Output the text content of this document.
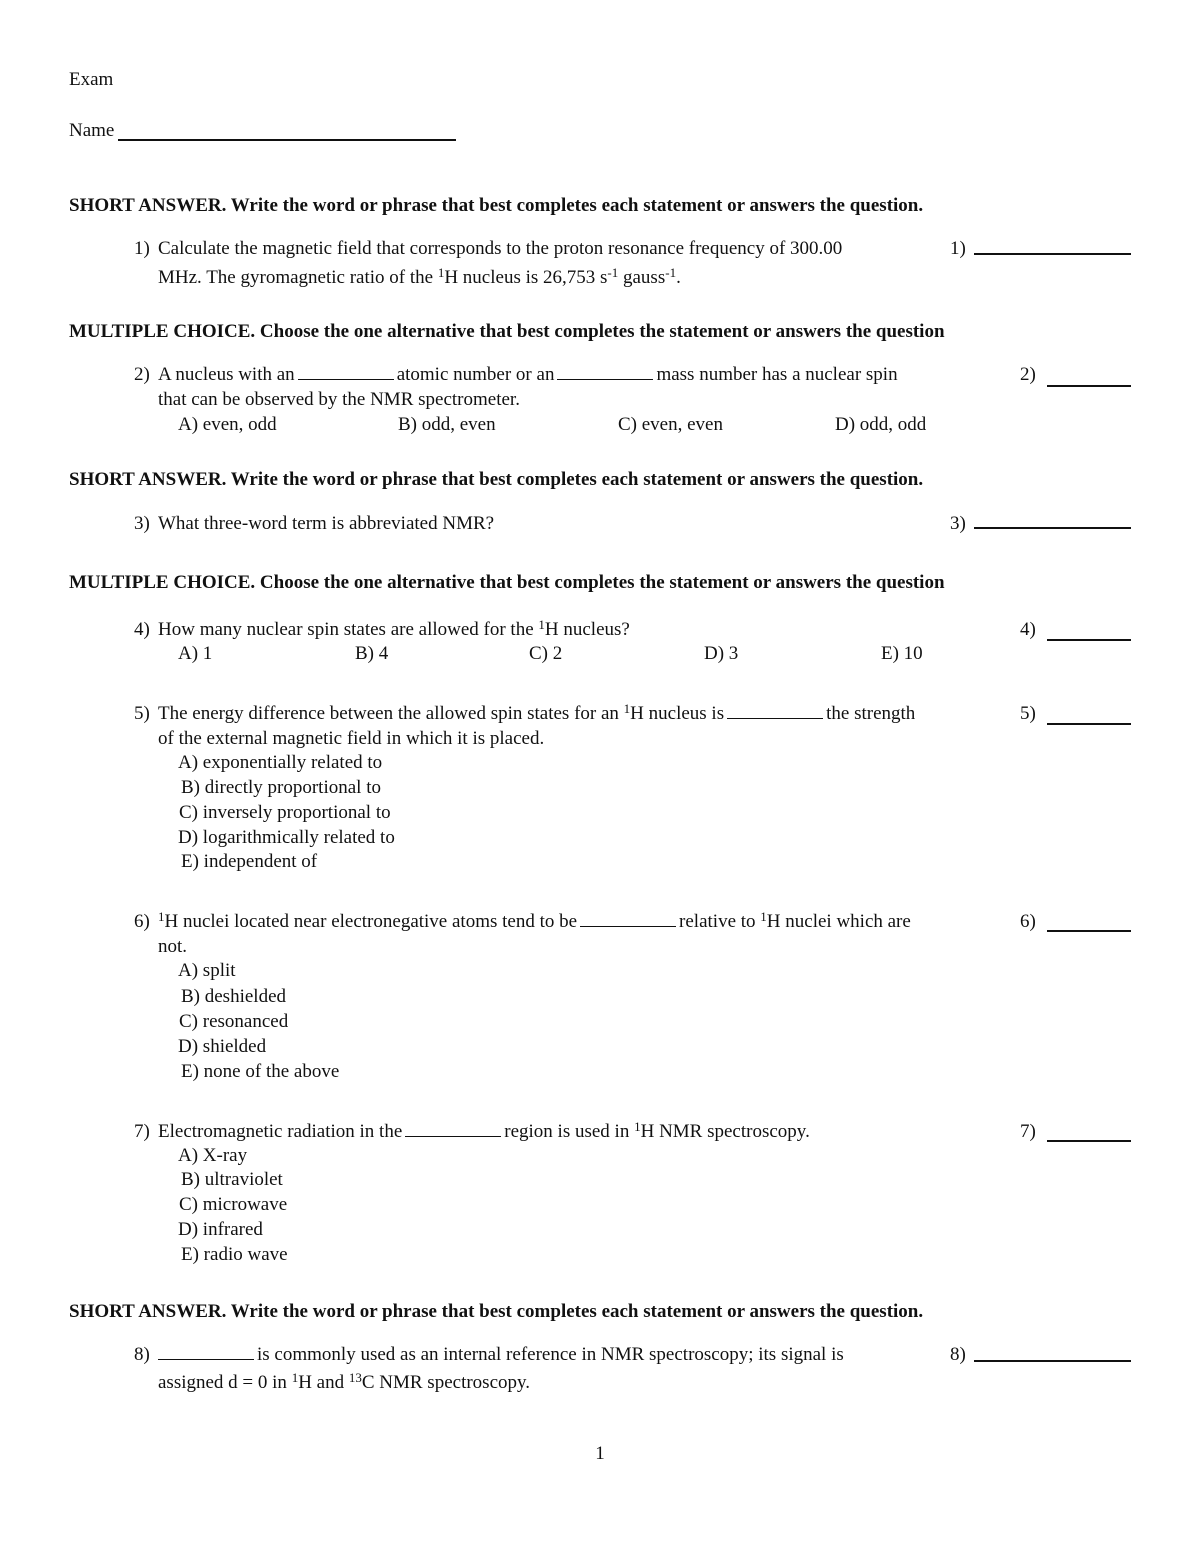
Exam
Name
SHORT ANSWER. Write the word or phrase that best completes each statement or answers the question.
1) Calculate the magnetic field that corresponds to the proton resonance frequency of 300.00
MHz. The gyromagnetic ratio of the $^1$H nucleus is 26,753 $s^{-1}$ gauss$^{-1}$.
1)
MULTIPLE CHOICE. Choose the one alternative that best completes the statement or answers the question
2) A nucleus with an	atomic number or an	mass number has a nuclear spin
that can be observed by the NMR spectrometer.
A) even, odd	B) odd, even	C) even, even	D) odd, odd
2)
SHORT ANSWER. Write the word or phrase that best completes each statement or answers the question.
3) What three-word term is abbreviated NMR?	3)
MULTIPLE CHOICE. Choose the one alternative that best completes the statement or answers the question
4) How many nuclear spin states are allowed for the $^1$H nucleus?
A) 1	B) 4	C) 2	D) 3	E) 10
4)
5) The energy difference between the allowed spin states for an $^1$H nucleus is	the strength
of the external magnetic field in which it is placed.
A) exponentially related to
B) directly proportional to
C) inversely proportional to
D) logarithmically related to
E) independent of
5)
6) $^1$H nuclei located near electronegative atoms tend to be	relative to $^1$H nuclei which are
not.
A) split
B) deshielded
C) resonanced
D) shielded
E) none of the above
6)
7) Electromagnetic radiation in the	region is used in $^1$H NMR spectroscopy.
A) X-ray
B) ultraviolet
C) microwave
D) infrared
E) radio wave
7)
SHORT ANSWER. Write the word or phrase that best completes each statement or answers the question.
8)	is commonly used as an internal reference in NMR spectroscopy; its signal is
assigned d = 0 in $^1$H and $^{13}$C NMR spectroscopy.
8)
1
